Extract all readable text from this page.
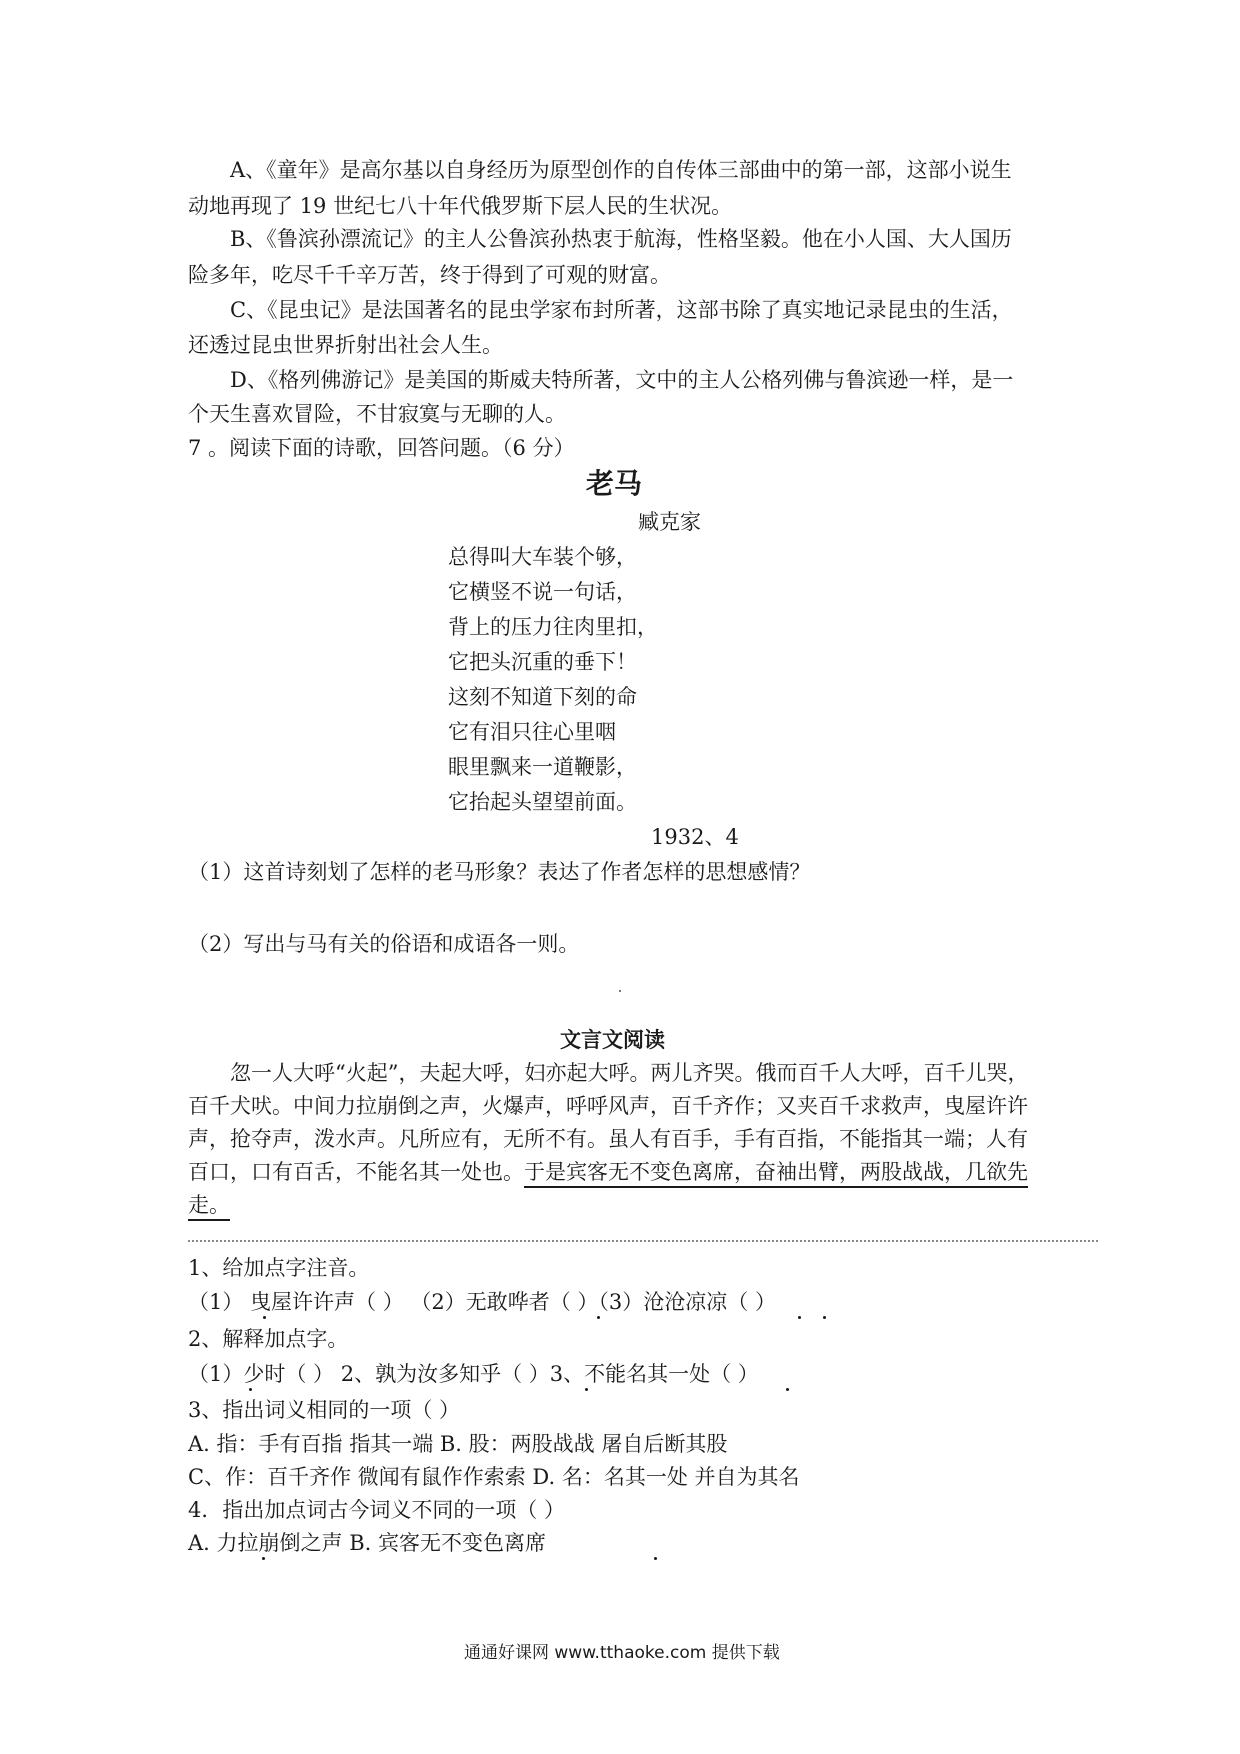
A、《童年》是高尔基以自身经历为原型创作的自传体三部曲中的第一部，这部小说生
动地再现了 19 世纪七八十年代俄罗斯下层人民的生状况。
B、《鲁滨孙漂流记》的主人公鲁滨孙热衷于航海，性格坚毅。他在小人国、大人国历
险多年，吃尽千千辛万苦，终于得到了可观的财富。
C、《昆虫记》是法国著名的昆虫学家布封所著，这部书除了真实地记录昆虫的生活，
还透过昆虫世界折射出社会人生。
D、《格列佛游记》是美国的斯威夫特所著，文中的主人公格列佛与鲁滨逊一样，是一
个天生喜欢冒险，不甘寂寞与无聊的人。
7 。阅读下面的诗歌，回答问题。（6 分）
老马
臧克家
总得叫大车装个够，
它横竖不说一句话，
背上的压力往肉里扣，
它把头沉重的垂下！
这刻不知道下刻的命
它有泪只往心里咽
眼里飘来一道鞭影，
它抬起头望望前面。
1932、4
（1）这首诗刻划了怎样的老马形象？表达了作者怎样的思想感情？
（2）写出与马有关的俗语和成语各一则。
文言文阅读
忽一人大呼“火起”，夫起大呼，妇亦起大呼。两儿齐哭。俄而百千人大呼，百千儿哭，
百千犬吠。中间力拉崩倒之声，火爆声，呼呼风声，百千齐作；又夹百千求救声，曳屋许许
声，抢夺声，泼水声。凡所应有，无所不有。虽人有百手，手有百指，不能指其一端；人有
百口，口有百舌，不能名其一处也。于是宾客无不变色离席，奋袖出臂，两股战战，几欲先
走。
1、给加点字注音。
（1） 曳屋许许声（ ） （2）无敢哗者（ ）（3）沧沧凉凉（ ）
2、解释加点字。
（1）少时（ ） 2、孰为汝多知乎（ ）3、不能名其一处（ ）
3、指出词义相同的一项（ ）
A. 指：手有百指 指其一端 B. 股：两股战战 屠自后断其股
C、作：百千齐作 微闻有鼠作作索索 D. 名：名其一处 并自为其名
4．指出加点词古今词义不同的一项（ ）
A. 力拉崩倒之声 B. 宾客无不变色离席
通通好课网 www.tthaoke.com 提供下载
